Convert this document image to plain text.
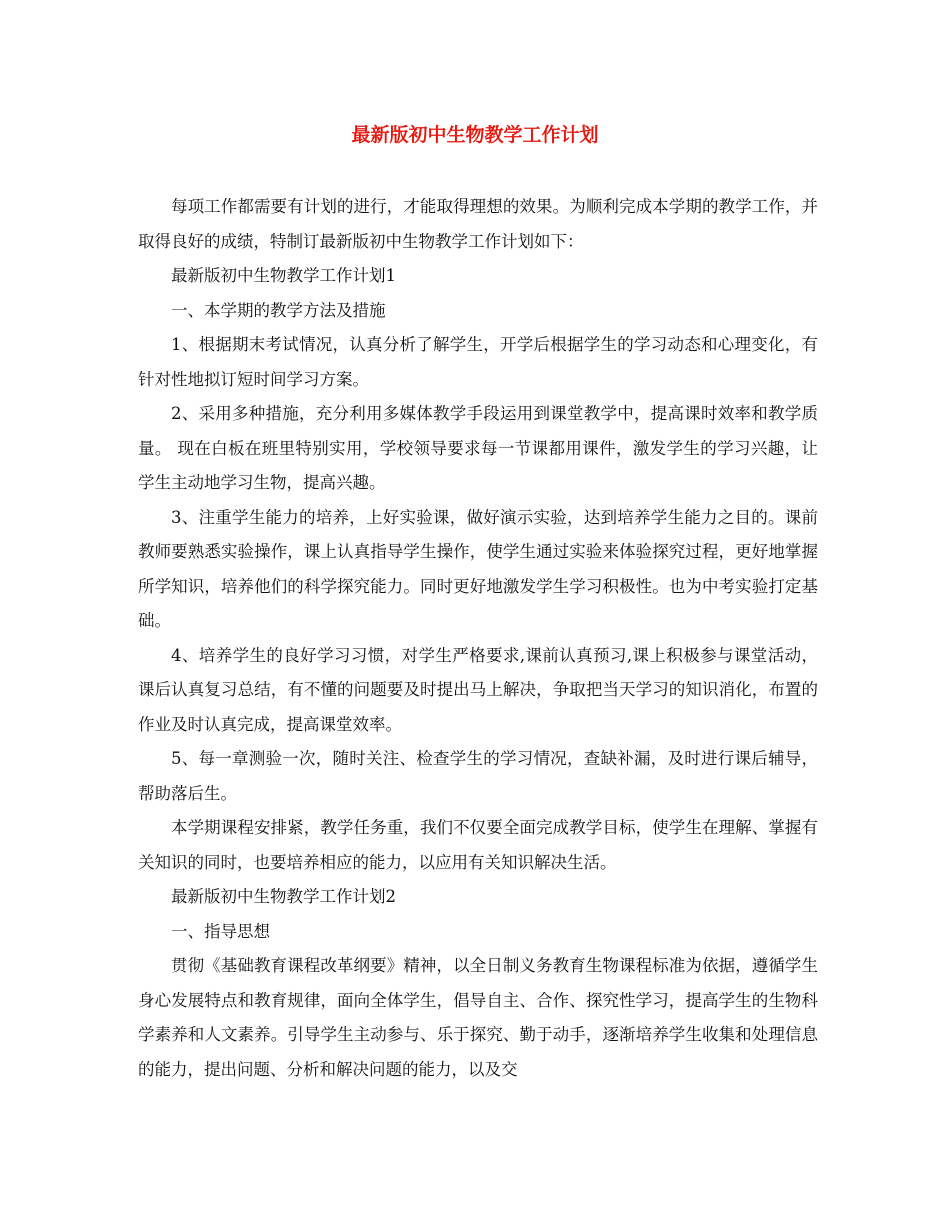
最新版初中生物教学工作计划

每项工作都需要有计划的进行，才能取得理想的效果。为顺利完成本学期的教学工作，并取得良好的成绩，特制订最新版初中生物教学工作计划如下：

最新版初中生物教学工作计划1

一、本学期的教学方法及措施

1、根据期末考试情况，认真分析了解学生，开学后根据学生的学习动态和心理变化，有针对性地拟订短时间学习方案。

2、采用多种措施，充分利用多媒体教学手段运用到课堂教学中，提高课时效率和教学质量。 现在白板在班里特别实用，学校领导要求每一节课都用课件，激发学生的学习兴趣，让学生主动地学习生物，提高兴趣。

3、注重学生能力的培养，上好实验课，做好演示实验，达到培养学生能力之目的。课前教师要熟悉实验操作，课上认真指导学生操作，使学生通过实验来体验探究过程，更好地掌握所学知识，培养他们的科学探究能力。同时更好地激发学生学习积极性。也为中考实验打定基础。

4、培养学生的良好学习习惯，对学生严格要求,课前认真预习,课上积极参与课堂活动，课后认真复习总结，有不懂的问题要及时提出马上解决，争取把当天学习的知识消化，布置的作业及时认真完成，提高课堂效率。

5、每一章测验一次，随时关注、检查学生的学习情况，查缺补漏，及时进行课后辅导，帮助落后生。

本学期课程安排紧，教学任务重，我们不仅要全面完成教学目标，使学生在理解、掌握有关知识的同时，也要培养相应的能力，以应用有关知识解决生活。

最新版初中生物教学工作计划2

一、指导思想

贯彻《基础教育课程改革纲要》精神，以全日制义务教育生物课程标准为依据，遵循学生身心发展特点和教育规律，面向全体学生，倡导自主、合作、探究性学习，提高学生的生物科学素养和人文素养。引导学生主动参与、乐于探究、勤于动手，逐渐培养学生收集和处理信息的能力，提出问题、分析和解决问题的能力，以及交
